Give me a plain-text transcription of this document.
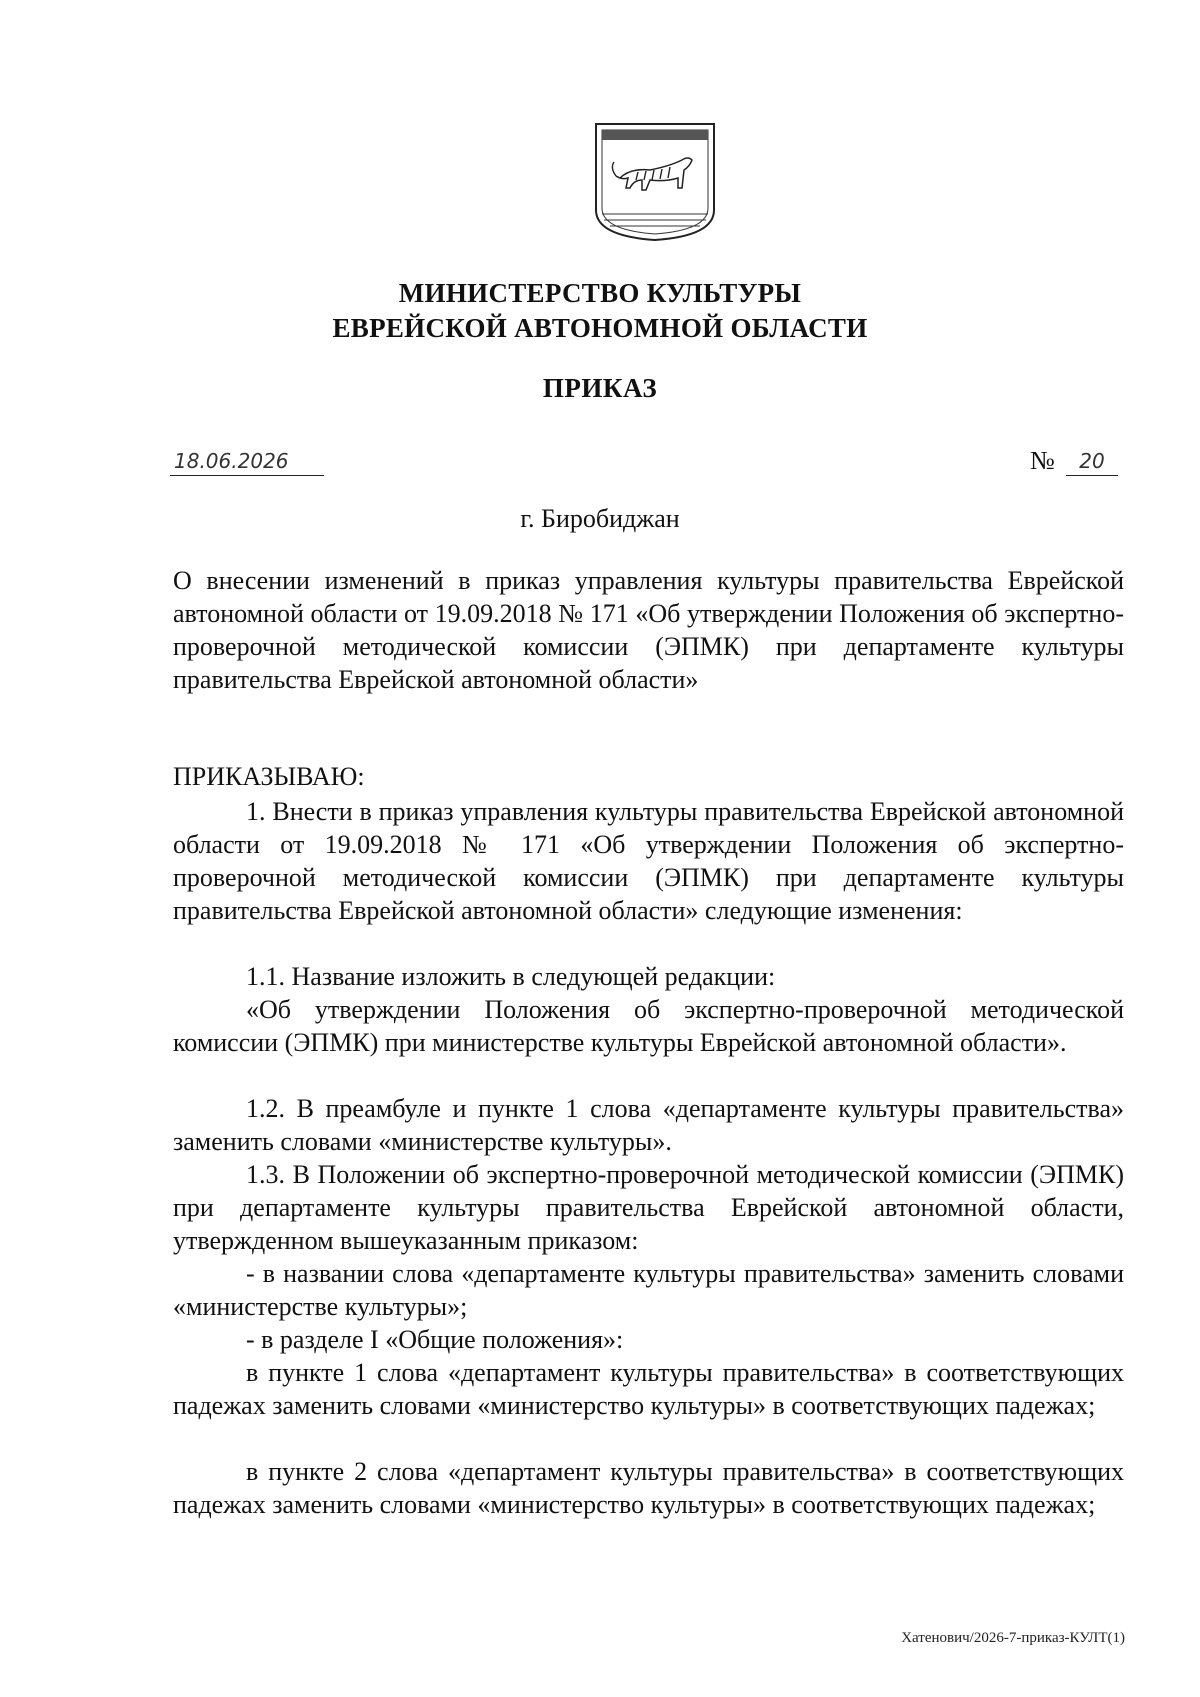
МИНИСТЕРСТВО КУЛЬТУРЫ
ЕВРЕЙСКОЙ АВТОНОМНОЙ ОБЛАСТИ
ПРИКАЗ
18.06.2026	№	20
г. Биробиджан
О внесении изменений в приказ управления культуры правительства Еврейской автономной области от 19.09.2018 № 171 «Об утверждении Положения об экспертно-проверочной методической комиссии (ЭПМК) при департаменте культуры правительства Еврейской автономной области»
ПРИКАЗЫВАЮ:
1. Внести в приказ управления культуры правительства Еврейской автономной области от 19.09.2018 № 171 «Об утверждении Положения об экспертно-проверочной методической комиссии (ЭПМК) при департаменте культуры правительства Еврейской автономной области» следующие изменения:
1.1. Название изложить в следующей редакции:
«Об утверждении Положения об экспертно-проверочной методической комиссии (ЭПМК) при министерстве культуры Еврейской автономной области».
1.2. В преамбуле и пункте 1 слова «департаменте культуры правительства» заменить словами «министерстве культуры».
1.3. В Положении об экспертно-проверочной методической комиссии (ЭПМК) при департаменте культуры правительства Еврейской автономной области, утвержденном вышеуказанным приказом:
- в названии слова «департаменте культуры правительства» заменить словами «министерстве культуры»;
- в разделе I «Общие положения»:
в пункте 1 слова «департамент культуры правительства» в соответствующих падежах заменить словами «министерство культуры» в соответствующих падежах;
в пункте 2 слова «департамент культуры правительства» в соответствующих падежах заменить словами «министерство культуры» в соответствующих падежах;
Хатенович/2026-7-приказ-КУЛТ(1)
